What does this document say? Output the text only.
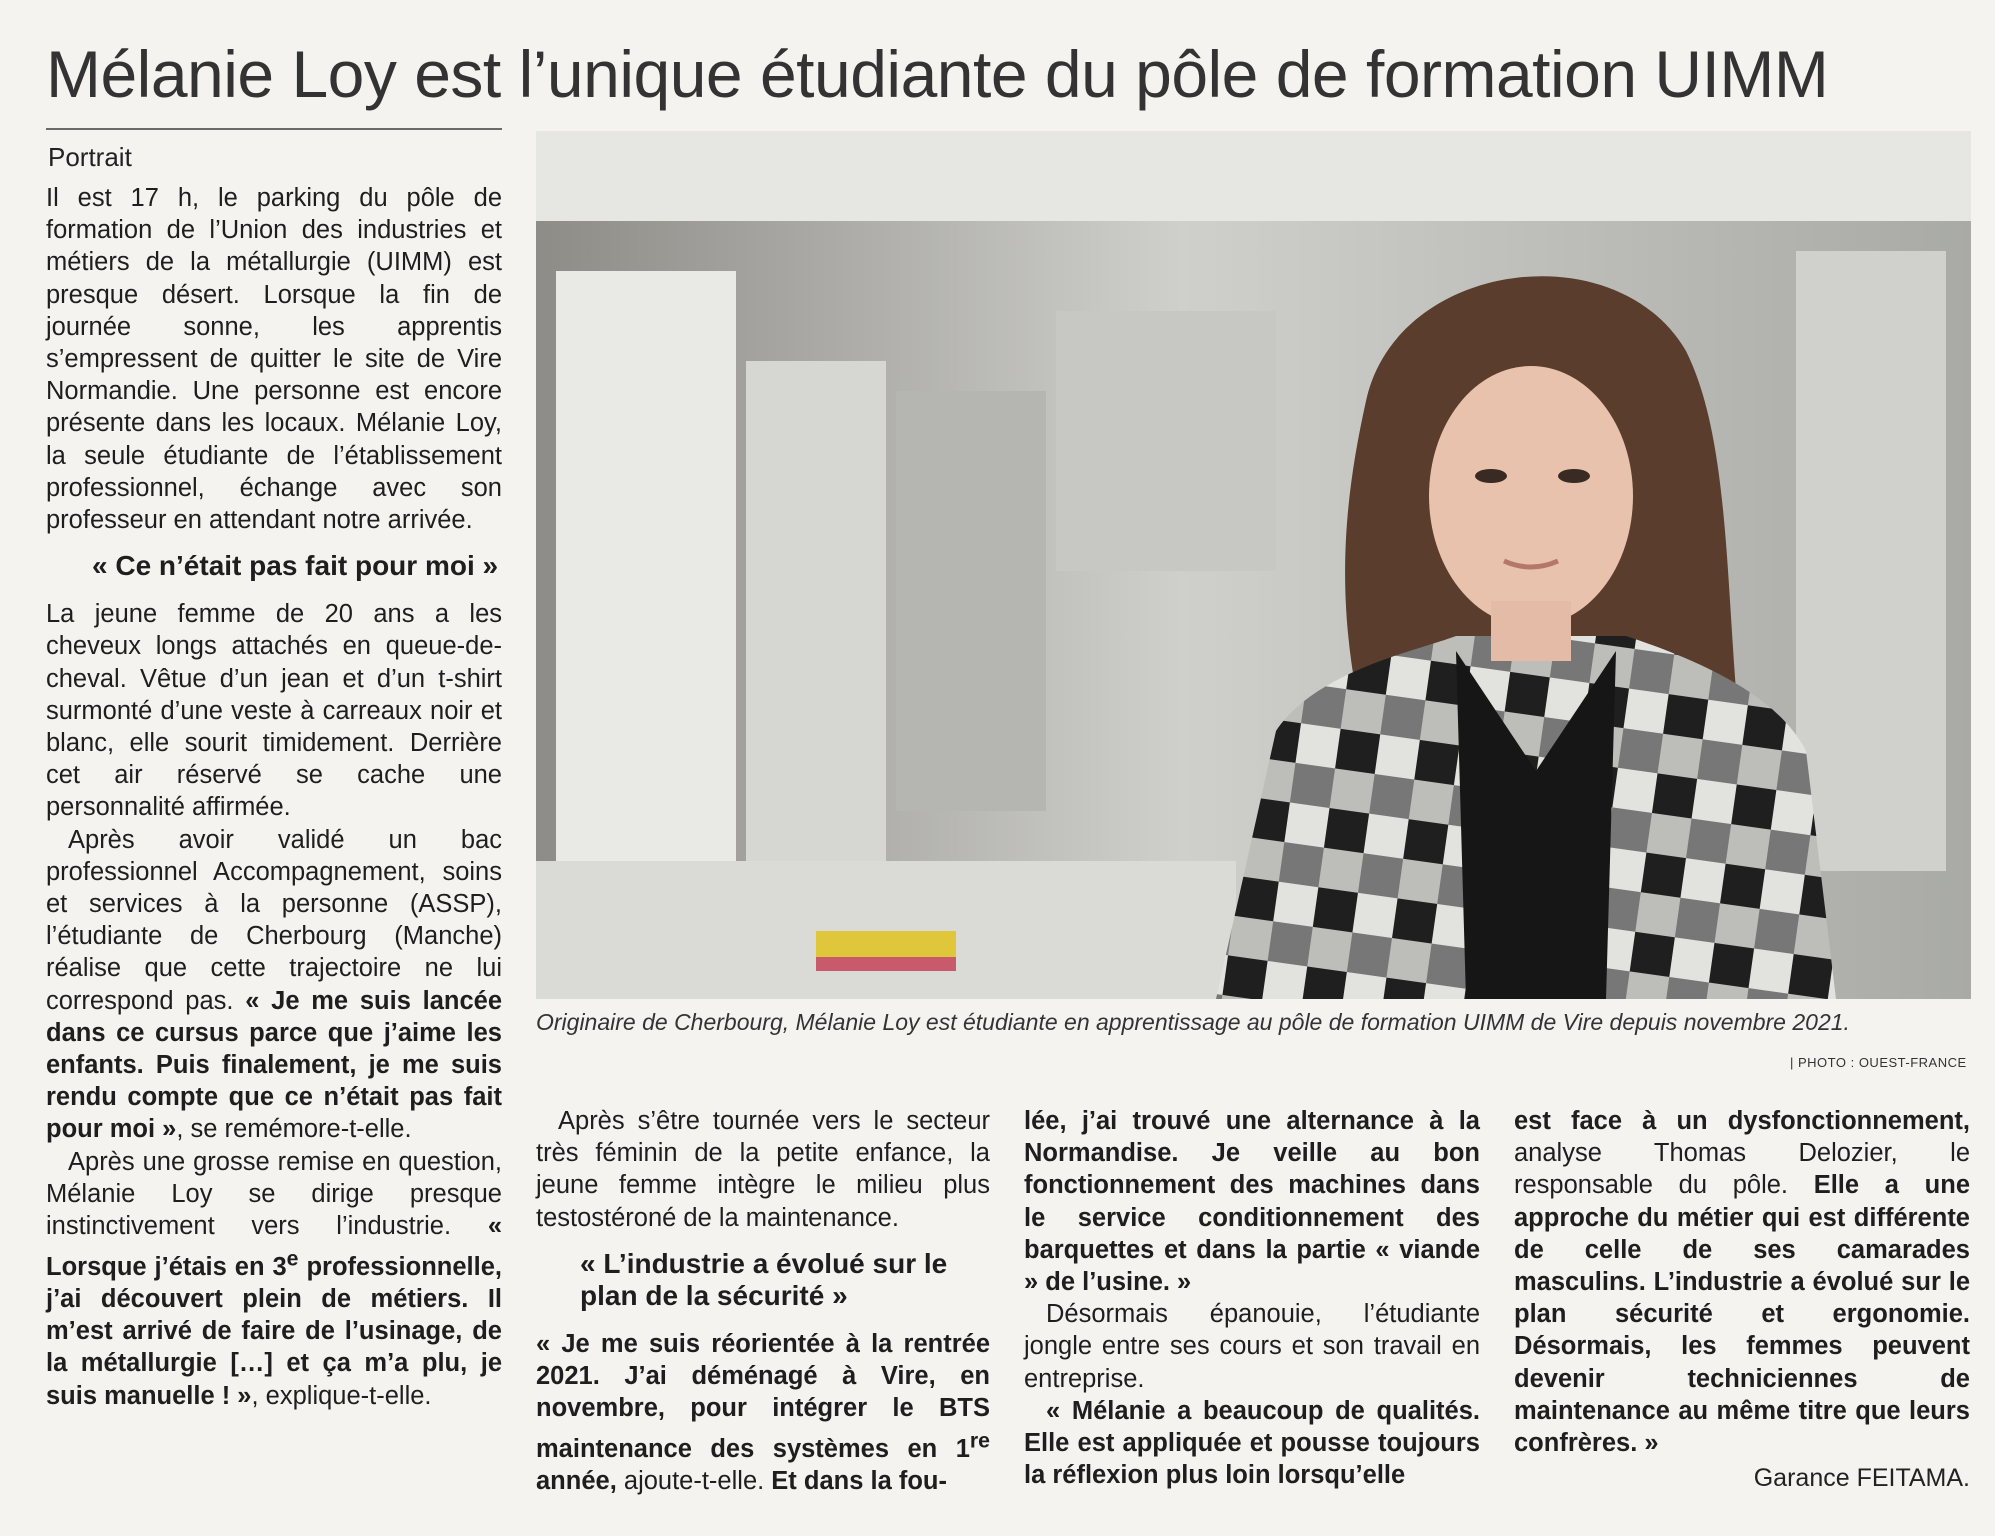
Mélanie Loy est l’unique étudiante du pôle de formation UIMM
Portrait

Il est 17 h, le parking du pôle de formation de l’Union des industries et métiers de la métallurgie (UIMM) est presque désert. Lorsque la fin de journée sonne, les apprentis s’empressent de quitter le site de Vire Normandie. Une personne est encore présente dans les locaux. Mélanie Loy, la seule étudiante de l’établissement professionnel, échange avec son professeur en attendant notre arrivée.

« Ce n’était pas fait pour moi »

La jeune femme de 20 ans a les cheveux longs attachés en queue-de-cheval. Vêtue d’un jean et d’un t-shirt surmonté d’une veste à carreaux noir et blanc, elle sourit timidement. Derrière cet air réservé se cache une personnalité affirmée.

Après avoir validé un bac professionnel Accompagnement, soins et services à la personne (ASSP), l’étudiante de Cherbourg (Manche) réalise que cette trajectoire ne lui correspond pas. « Je me suis lancée dans ce cursus parce que j’aime les enfants. Puis finalement, je me suis rendu compte que ce n’était pas fait pour moi », se remémore-t-elle.

Après une grosse remise en question, Mélanie Loy se dirige presque instinctivement vers l’industrie. « Lorsque j’étais en 3e professionnelle, j’ai découvert plein de métiers. Il m’est arrivé de faire de l’usinage, de la métallurgie […] et ça m’a plu, je suis manuelle ! », explique-t-elle.

Originaire de Cherbourg, Mélanie Loy est étudiante en apprentissage au pôle de formation UIMM de Vire depuis novembre 2021.
| PHOTO : OUEST-FRANCE

Après s’être tournée vers le secteur très féminin de la petite enfance, la jeune femme intègre le milieu plus testostéroné de la maintenance.

« L’industrie a évolué sur le plan de la sécurité »

« Je me suis réorientée à la rentrée 2021. J’ai déménagé à Vire, en novembre, pour intégrer le BTS maintenance des systèmes en 1re année, ajoute-t-elle. Et dans la fou-

lée, j’ai trouvé une alternance à la Normandise. Je veille au bon fonctionnement des machines dans le service conditionnement des barquettes et dans la partie « viande » de l’usine. »

Désormais épanouie, l’étudiante jongle entre ses cours et son travail en entreprise.

« Mélanie a beaucoup de qualités. Elle est appliquée et pousse toujours la réflexion plus loin lorsqu’elle

est face à un dysfonctionnement, analyse Thomas Delozier, le responsable du pôle. Elle a une approche du métier qui est différente de celle de ses camarades masculins. L’industrie a évolué sur le plan sécurité et ergonomie. Désormais, les femmes peuvent devenir techniciennes de maintenance au même titre que leurs confrères. »

Garance FEITAMA.
